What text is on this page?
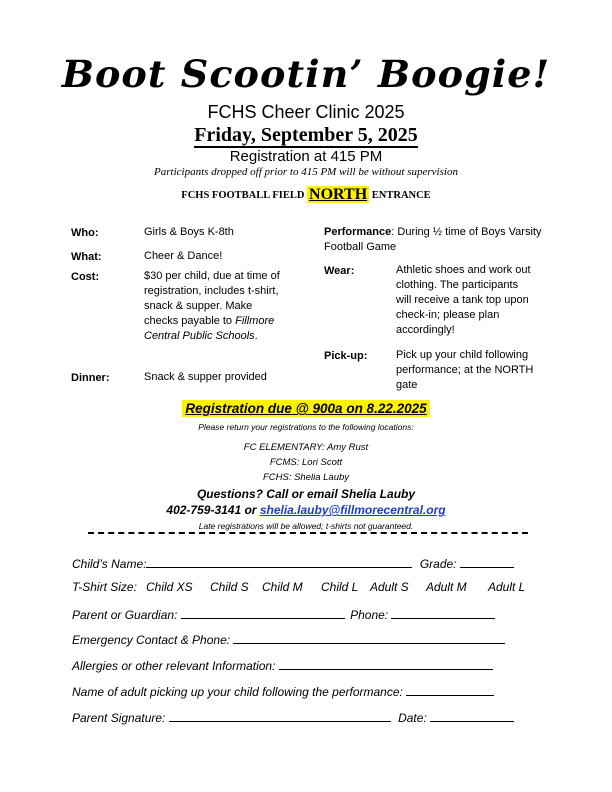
Boot Scootin’ Boogie!
FCHS Cheer Clinic 2025
Friday, September 5, 2025
Registration at 415 PM
Participants dropped off prior to 415 PM will be without supervision
FCHS FOOTBALL FIELD NORTH ENTRANCE
Who:	Girls & Boys K-8th
What:	Cheer & Dance!
Cost:	$30 per child, due at time of registration, includes t-shirt, snack & supper. Make checks payable to Fillmore Central Public Schools.
Dinner:	Snack & supper provided
Performance: During ½ time of Boys Varsity Football Game
Wear:	Athletic shoes and work out clothing. The participants will receive a tank top upon check-in; please plan accordingly!
Pick-up:	Pick up your child following performance; at the NORTH gate
Registration due @ 900a on 8.22.2025
Please return your registrations to the following locations:
FC ELEMENTARY: Amy Rust
FCMS: Lori Scott
FCHS: Shelia Lauby
Questions? Call or email Shelia Lauby
402-759-3141 or shelia.lauby@fillmorecentral.org
Late registrations will be allowed; t-shirts not guaranteed.
Child’s Name:	Grade:
T-Shirt Size: Child XS Child S Child M Child L Adult S Adult M Adult L
Parent or Guardian:	Phone:
Emergency Contact & Phone:
Allergies or other relevant Information:
Name of adult picking up your child following the performance:
Parent Signature:	Date:
